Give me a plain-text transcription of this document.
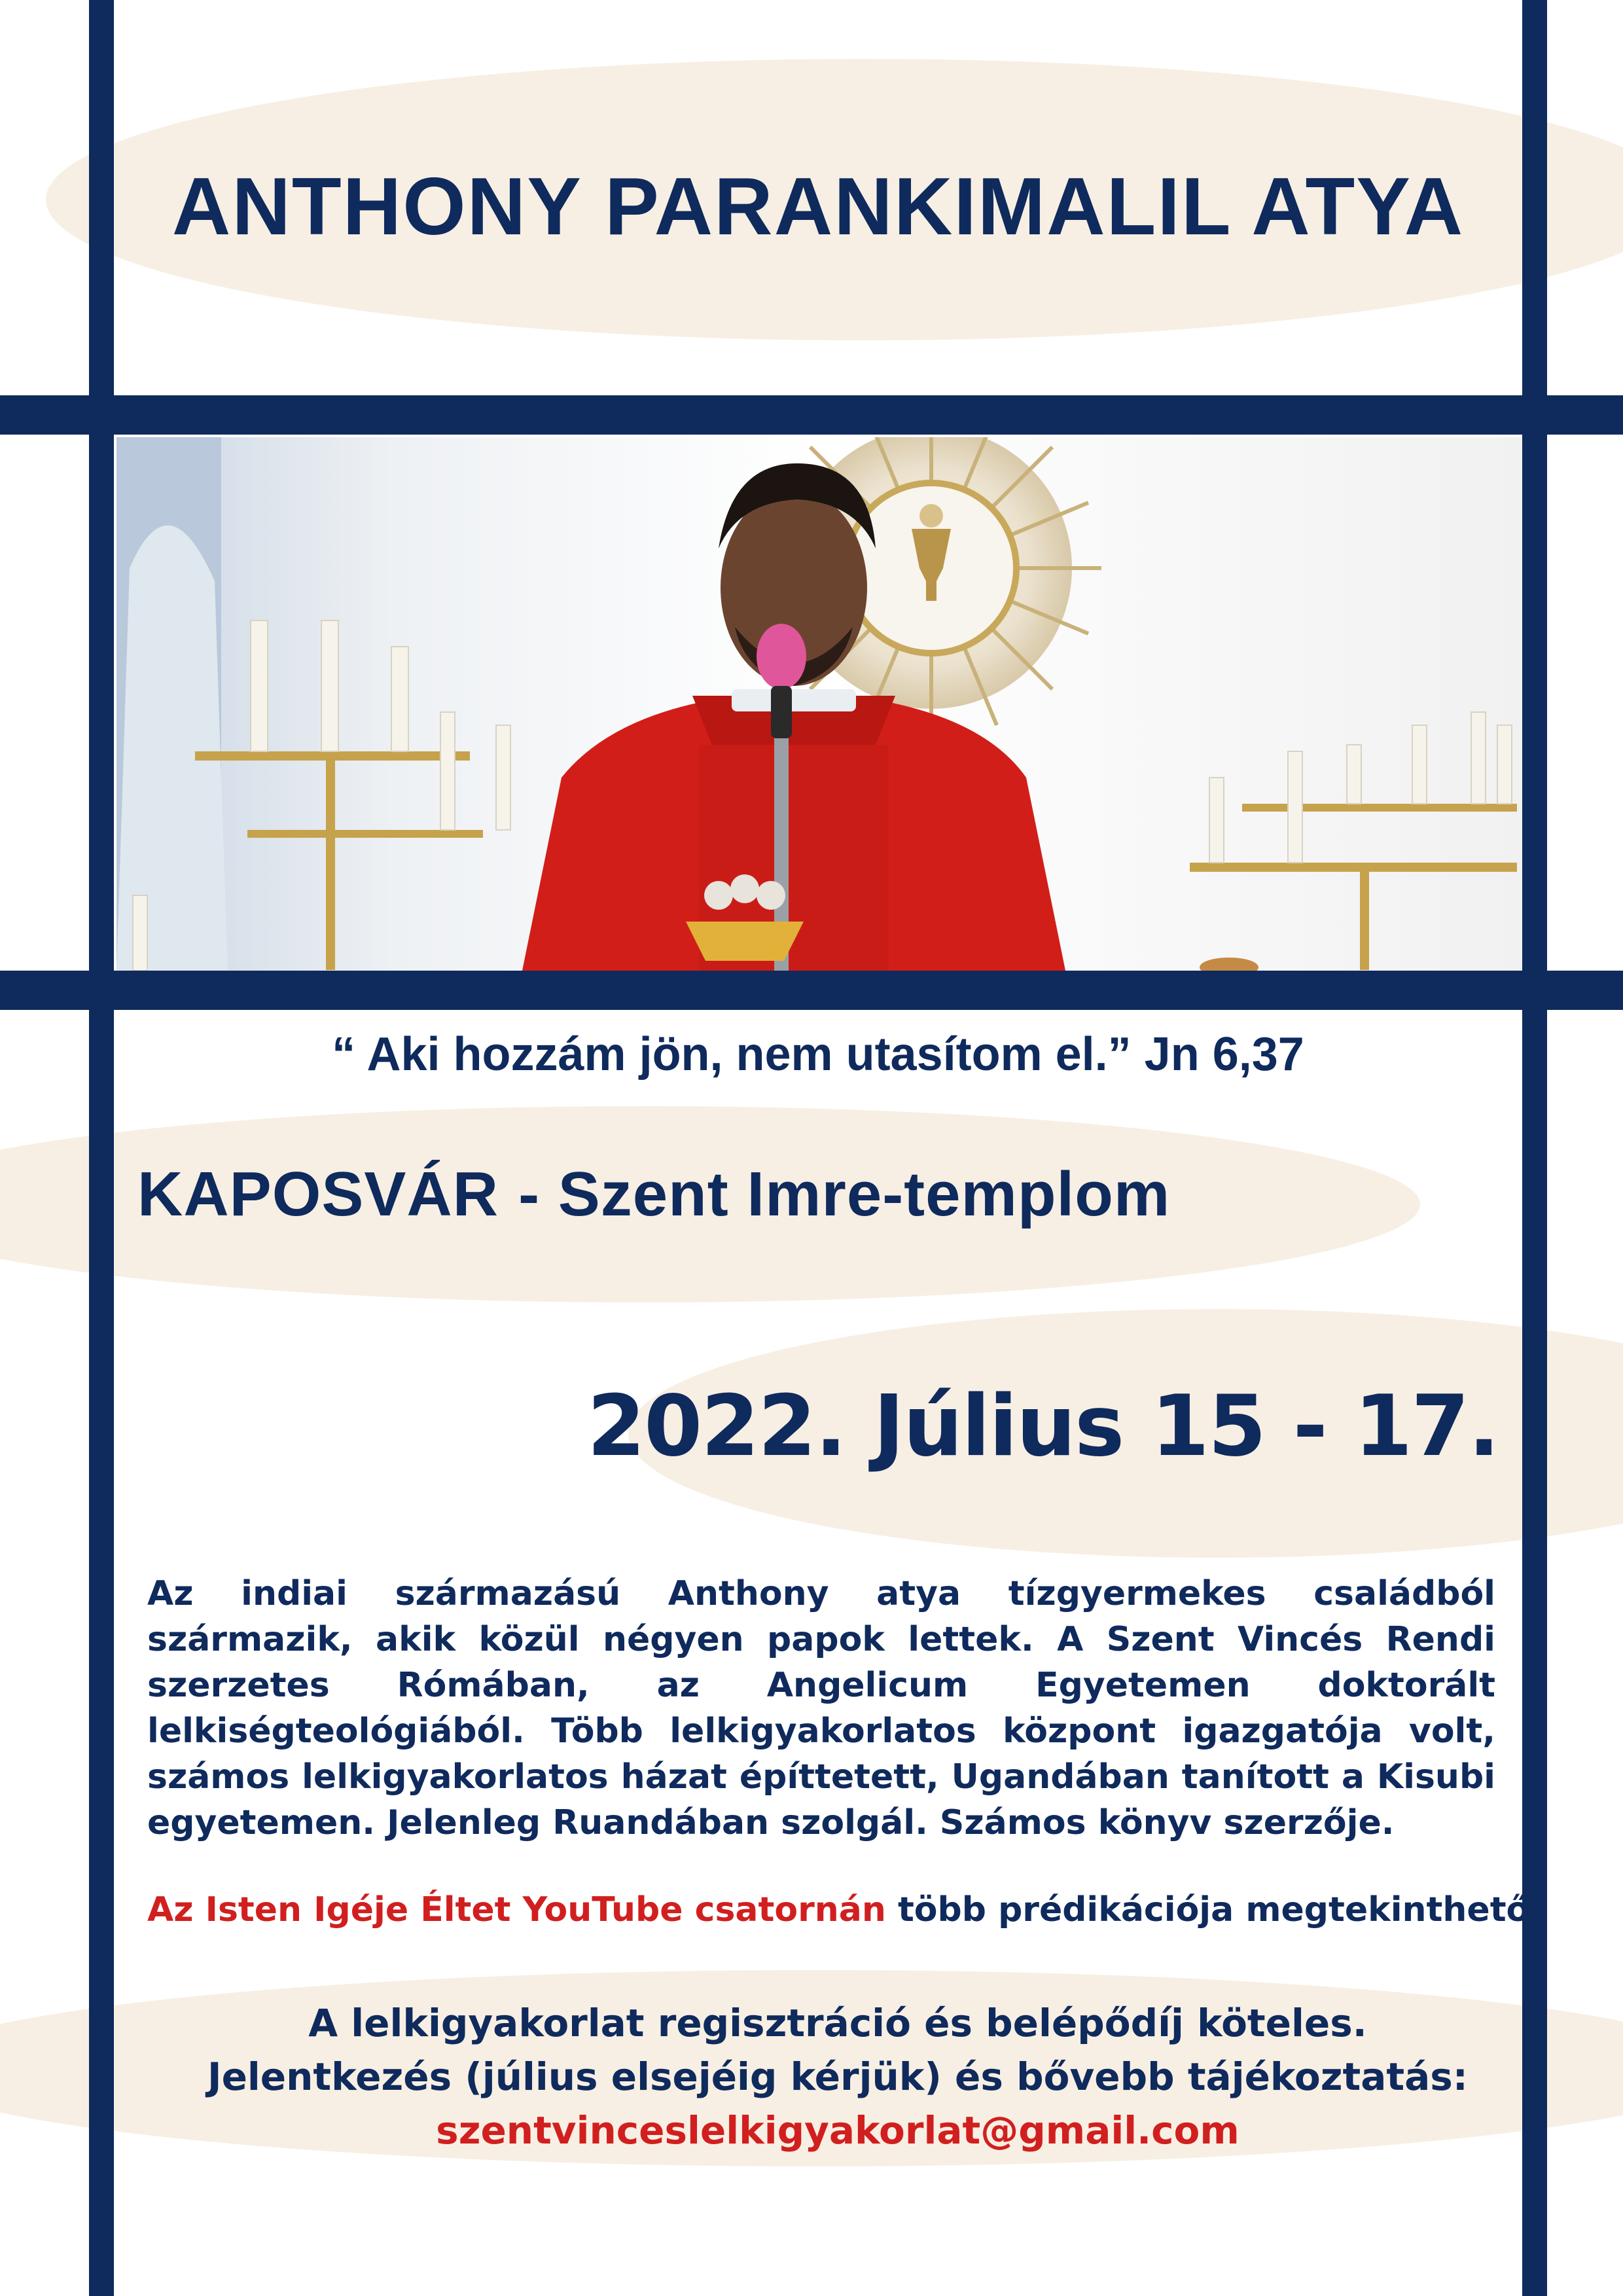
ANTHONY PARANKIMALIL ATYA
“ Aki hozzám jön, nem utasítom el.” Jn 6,37
KAPOSVÁR - Szent Imre-templom
2022. Július 15 - 17.

Az indiai származású Anthony atya tízgyermekes családból származik, akik közül négyen papok lettek. A Szent Vincés Rendi szerzetes Rómában, az Angelicum Egyetemen doktorált lelkiségteológiából. Több lelkigyakorlatos központ igazgatója volt, számos lelkigyakorlatos házat építtetett, Ugandában tanított a Kisubi egyetemen. Jelenleg Ruandában szolgál. Számos könyv szerzője.

Az Isten Igéje Éltet YouTube csatornán több prédikációja megtekinthető.
A lelkigyakorlat regisztráció és belépődíj köteles.
Jelentkezés (július elsejéig kérjük) és bővebb tájékoztatás:
szentvinceslelkigyakorlat@gmail.com
